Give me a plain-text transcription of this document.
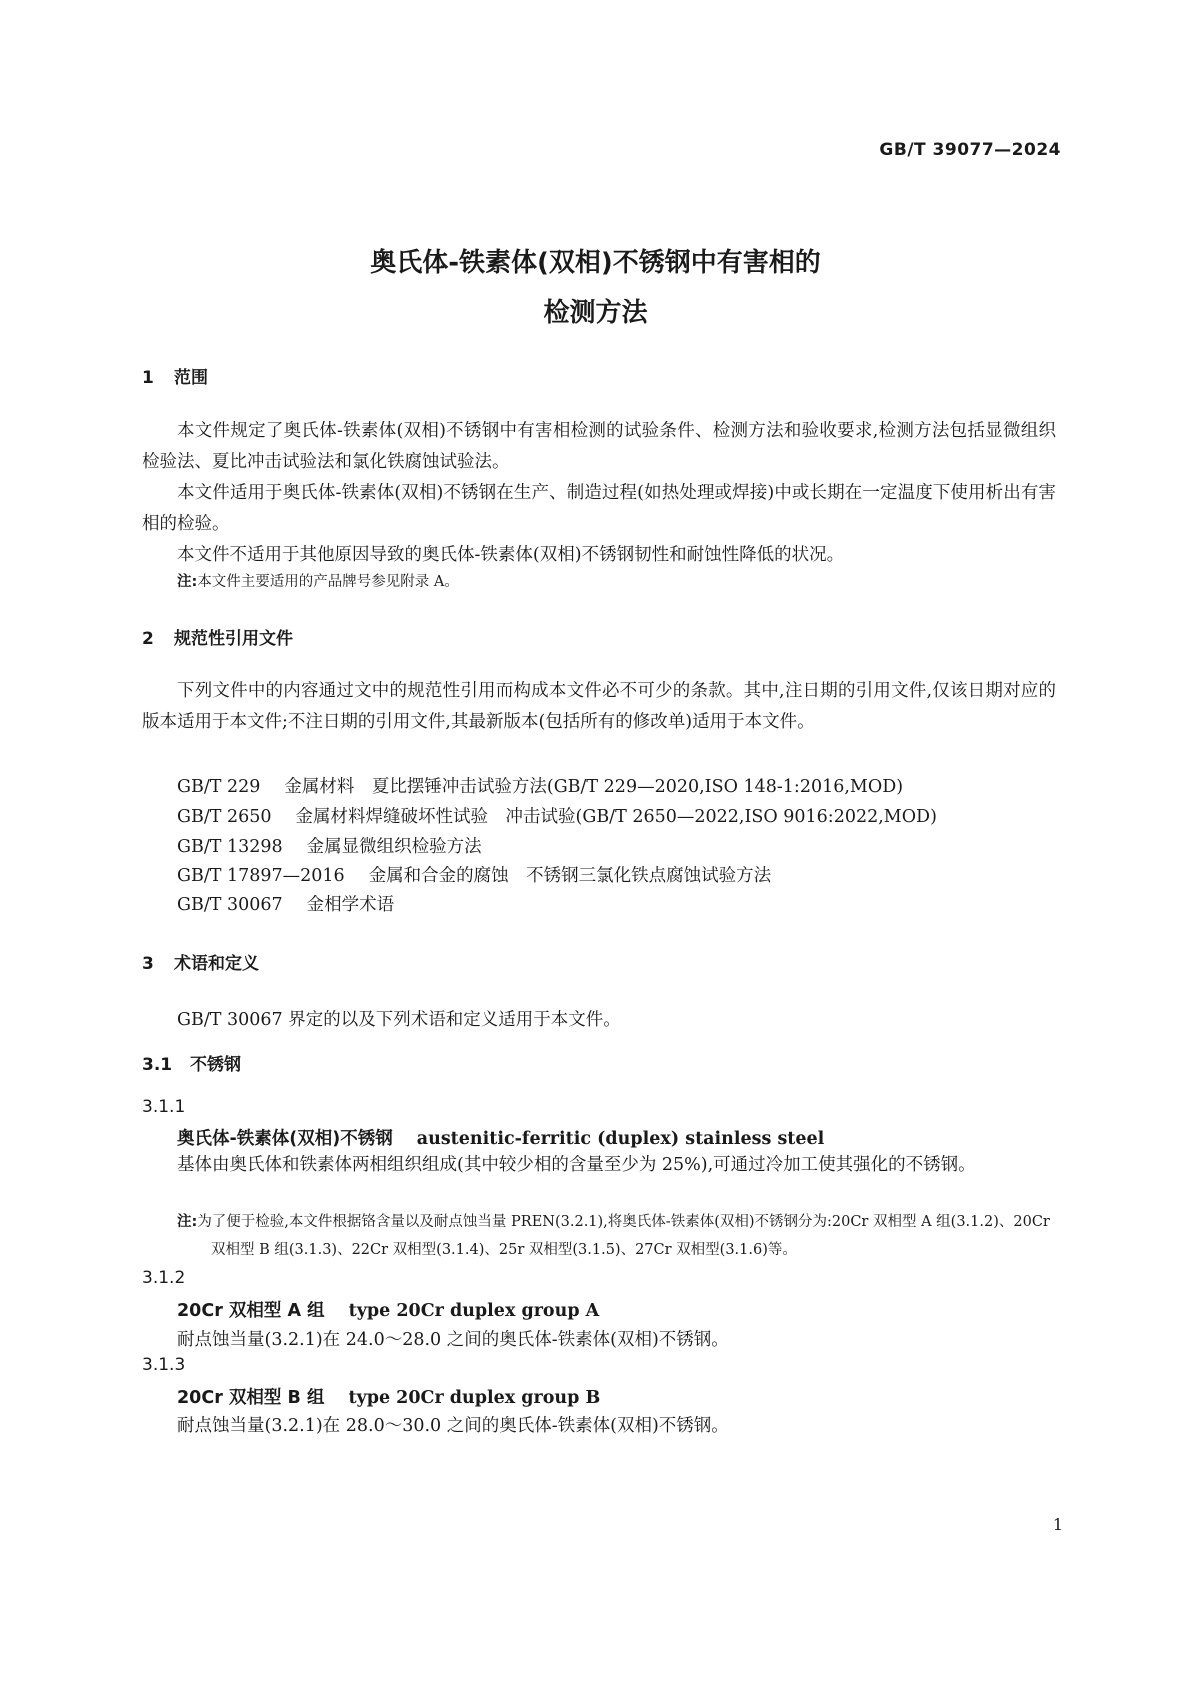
GB/T 39077—2024

奥氏体-铁素体(双相)不锈钢中有害相的
检测方法

1 范围

本文件规定了奥氏体-铁素体(双相)不锈钢中有害相检测的试验条件、检测方法和验收要求,检测方法包括显微组织检验法、夏比冲击试验法和氯化铁腐蚀试验法。

本文件适用于奥氏体-铁素体(双相)不锈钢在生产、制造过程(如热处理或焊接)中或长期在一定温度下使用析出有害相的检验。

本文件不适用于其他原因导致的奥氏体-铁素体(双相)不锈钢韧性和耐蚀性降低的状况。

注:本文件主要适用的产品牌号参见附录 A。

2 规范性引用文件

下列文件中的内容通过文中的规范性引用而构成本文件必不可少的条款。其中,注日期的引用文件,仅该日期对应的版本适用于本文件;不注日期的引用文件,其最新版本(包括所有的修改单)适用于本文件。

GB/T 229 金属材料　夏比摆锤冲击试验方法(GB/T 229—2020,ISO 148-1:2016,MOD)

GB/T 2650 金属材料焊缝破坏性试验　冲击试验(GB/T 2650—2022,ISO 9016:2022,MOD)

GB/T 13298 金属显微组织检验方法

GB/T 17897—2016 金属和合金的腐蚀　不锈钢三氯化铁点腐蚀试验方法

GB/T 30067 金相学术语

3 术语和定义

GB/T 30067 界定的以及下列术语和定义适用于本文件。

3.1 不锈钢

3.1.1

奥氏体-铁素体(双相)不锈钢 austenitic-ferritic (duplex) stainless steel

基体由奥氏体和铁素体两相组织组成(其中较少相的含量至少为 25%),可通过冷加工使其强化的不锈钢。

注:为了便于检验,本文件根据铬含量以及耐点蚀当量 PREN(3.2.1),将奥氏体-铁素体(双相)不锈钢分为:20Cr 双相型 A 组(3.1.2)、20Cr 双相型 B 组(3.1.3)、22Cr 双相型(3.1.4)、25r 双相型(3.1.5)、27Cr 双相型(3.1.6)等。

3.1.2

20Cr 双相型 A 组 type 20Cr duplex group A

耐点蚀当量(3.2.1)在 24.0～28.0 之间的奥氏体-铁素体(双相)不锈钢。

3.1.3

20Cr 双相型 B 组 type 20Cr duplex group B

耐点蚀当量(3.2.1)在 28.0～30.0 之间的奥氏体-铁素体(双相)不锈钢。

1
